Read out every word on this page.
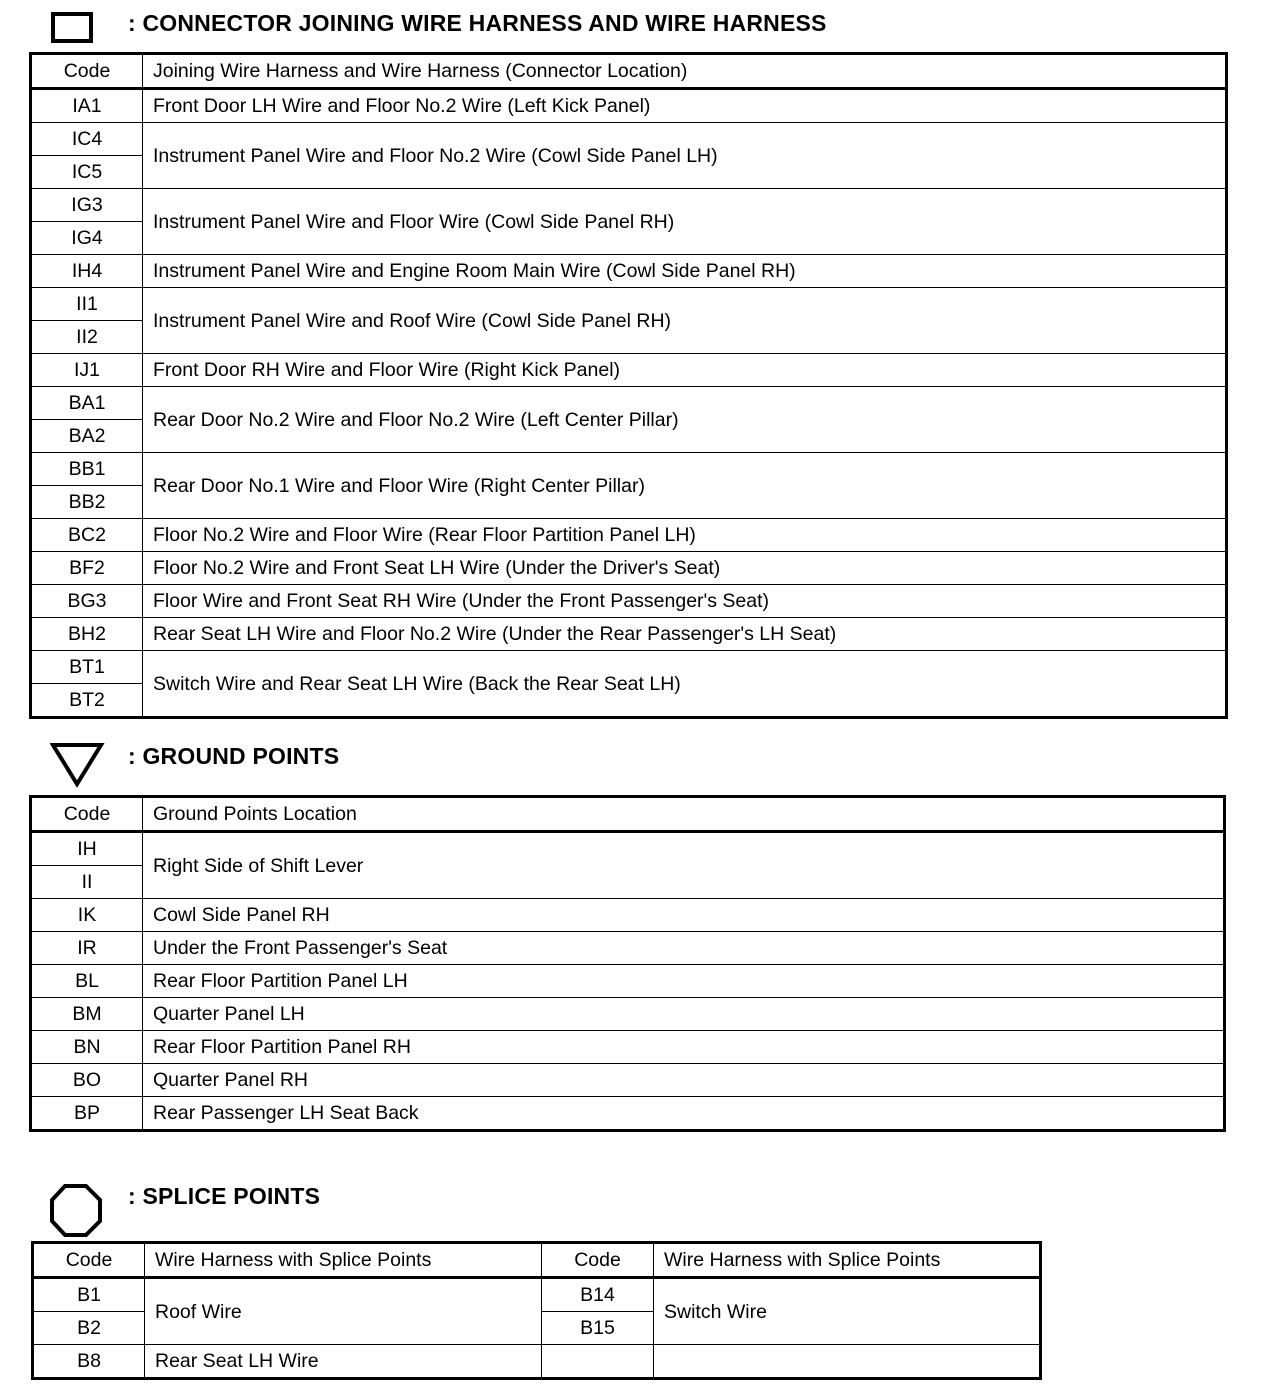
: CONNECTOR JOINING WIRE HARNESS AND WIRE HARNESS
Code	Joining Wire Harness and Wire Harness (Connector Location)
IA1	Front Door LH Wire and Floor No.2 Wire (Left Kick Panel)
IC4	Instrument Panel Wire and Floor No.2 Wire (Cowl Side Panel LH)
IC5	
IG3	Instrument Panel Wire and Floor Wire (Cowl Side Panel RH)
IG4	
IH4	Instrument Panel Wire and Engine Room Main Wire (Cowl Side Panel RH)
II1	Instrument Panel Wire and Roof Wire (Cowl Side Panel RH)
II2	
IJ1	Front Door RH Wire and Floor Wire (Right Kick Panel)
BA1	Rear Door No.2 Wire and Floor No.2 Wire (Left Center Pillar)
BA2	
BB1	Rear Door No.1 Wire and Floor Wire (Right Center Pillar)
BB2	
BC2	Floor No.2 Wire and Floor Wire (Rear Floor Partition Panel LH)
BF2	Floor No.2 Wire and Front Seat LH Wire (Under the Driver's Seat)
BG3	Floor Wire and Front Seat RH Wire (Under the Front Passenger's Seat)
BH2	Rear Seat LH Wire and Floor No.2 Wire (Under the Rear Passenger's LH Seat)
BT1	Switch Wire and Rear Seat LH Wire (Back the Rear Seat LH)
BT2	
: GROUND POINTS
Code	Ground Points Location
IH	Right Side of Shift Lever
II	
IK	Cowl Side Panel RH
IR	Under the Front Passenger's Seat
BL	Rear Floor Partition Panel LH
BM	Quarter Panel LH
BN	Rear Floor Partition Panel RH
BO	Quarter Panel RH
BP	Rear Passenger LH Seat Back
: SPLICE POINTS
Code	Wire Harness with Splice Points	Code	Wire Harness with Splice Points
B1	Roof Wire	B14	Switch Wire
B2		B15	
B8	Rear Seat LH Wire		
